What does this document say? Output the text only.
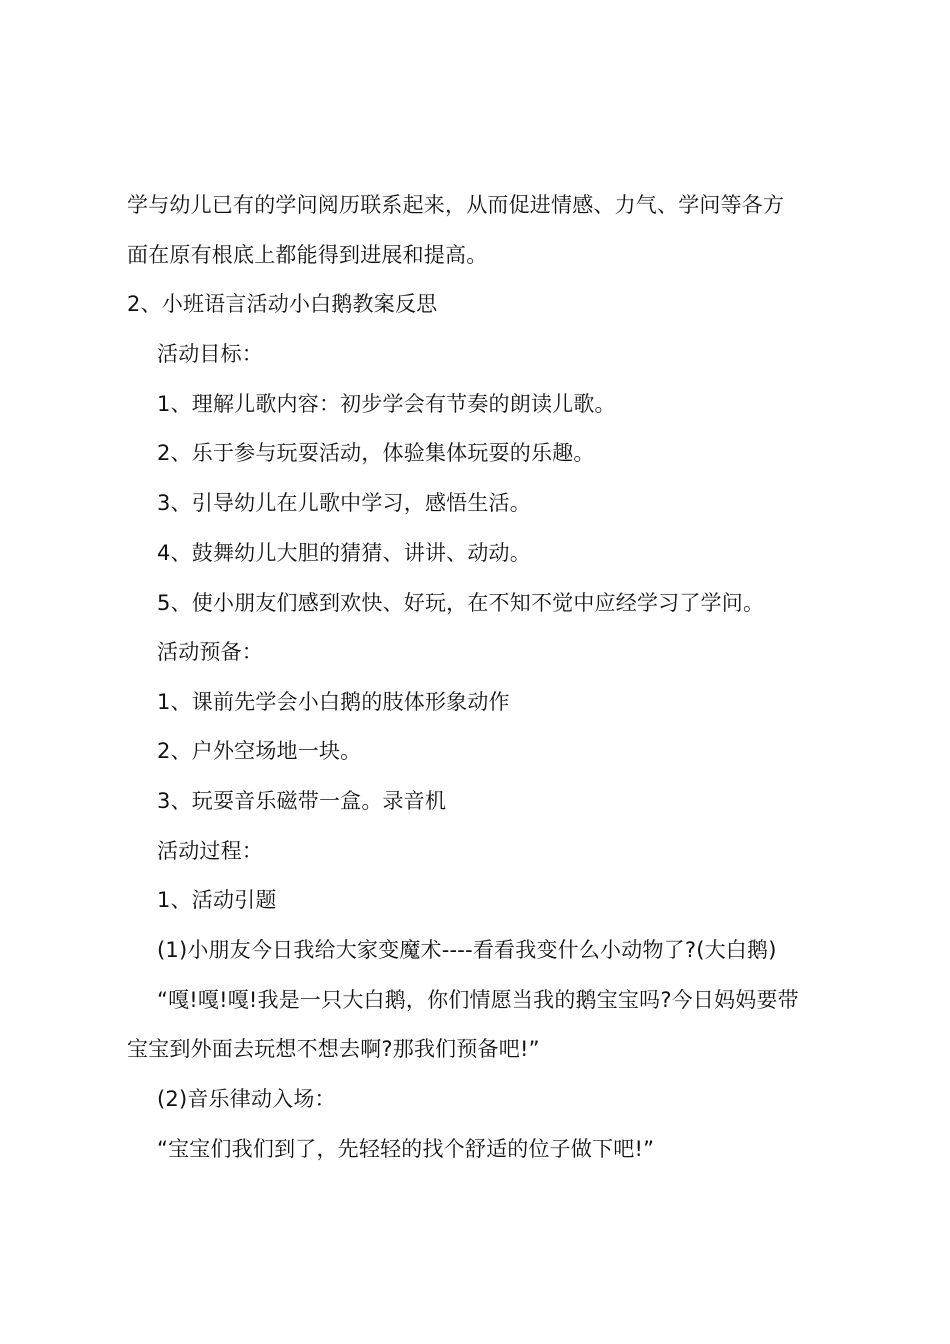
学与幼儿已有的学问阅历联系起来，从而促进情感、力气、学问等各方
面在原有根底上都能得到进展和提高。
2、小班语言活动小白鹅教案反思
活动目标：
1、理解儿歌内容：初步学会有节奏的朗读儿歌。
2、乐于参与玩耍活动，体验集体玩耍的乐趣。
3、引导幼儿在儿歌中学习，感悟生活。
4、鼓舞幼儿大胆的猜猜、讲讲、动动。
5、使小朋友们感到欢快、好玩，在不知不觉中应经学习了学问。
活动预备：
1、课前先学会小白鹅的肢体形象动作
2、户外空场地一块。
3、玩耍音乐磁带一盒。录音机
活动过程：
1、活动引题
(1)小朋友今日我给大家变魔术----看看我变什么小动物了?(大白鹅)
“嘎!嘎!嘎!我是一只大白鹅，你们情愿当我的鹅宝宝吗?今日妈妈要带
宝宝到外面去玩想不想去啊?那我们预备吧!”
(2)音乐律动入场：
“宝宝们我们到了，先轻轻的找个舒适的位子做下吧!”
